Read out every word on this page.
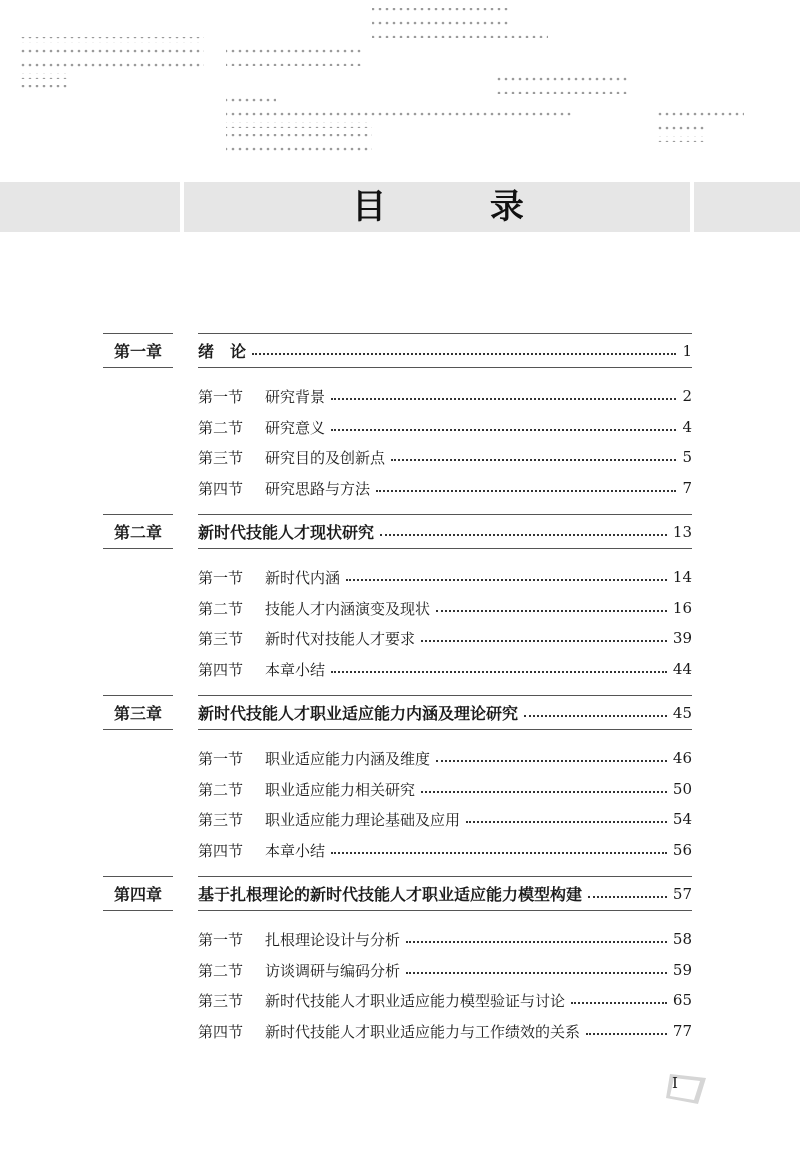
目 录
第一章	绪　论	1
第一节	研究背景	2
第二节	研究意义	4
第三节	研究目的及创新点	5
第四节	研究思路与方法	7
第二章	新时代技能人才现状研究	13
第一节	新时代内涵	14
第二节	技能人才内涵演变及现状	16
第三节	新时代对技能人才要求	39
第四节	本章小结	44
第三章	新时代技能人才职业适应能力内涵及理论研究	45
第一节	职业适应能力内涵及维度	46
第二节	职业适应能力相关研究	50
第三节	职业适应能力理论基础及应用	54
第四节	本章小结	56
第四章	基于扎根理论的新时代技能人才职业适应能力模型构建	57
第一节	扎根理论设计与分析	58
第二节	访谈调研与编码分析	59
第三节	新时代技能人才职业适应能力模型验证与讨论	65
第四节	新时代技能人才职业适应能力与工作绩效的关系	77
I
